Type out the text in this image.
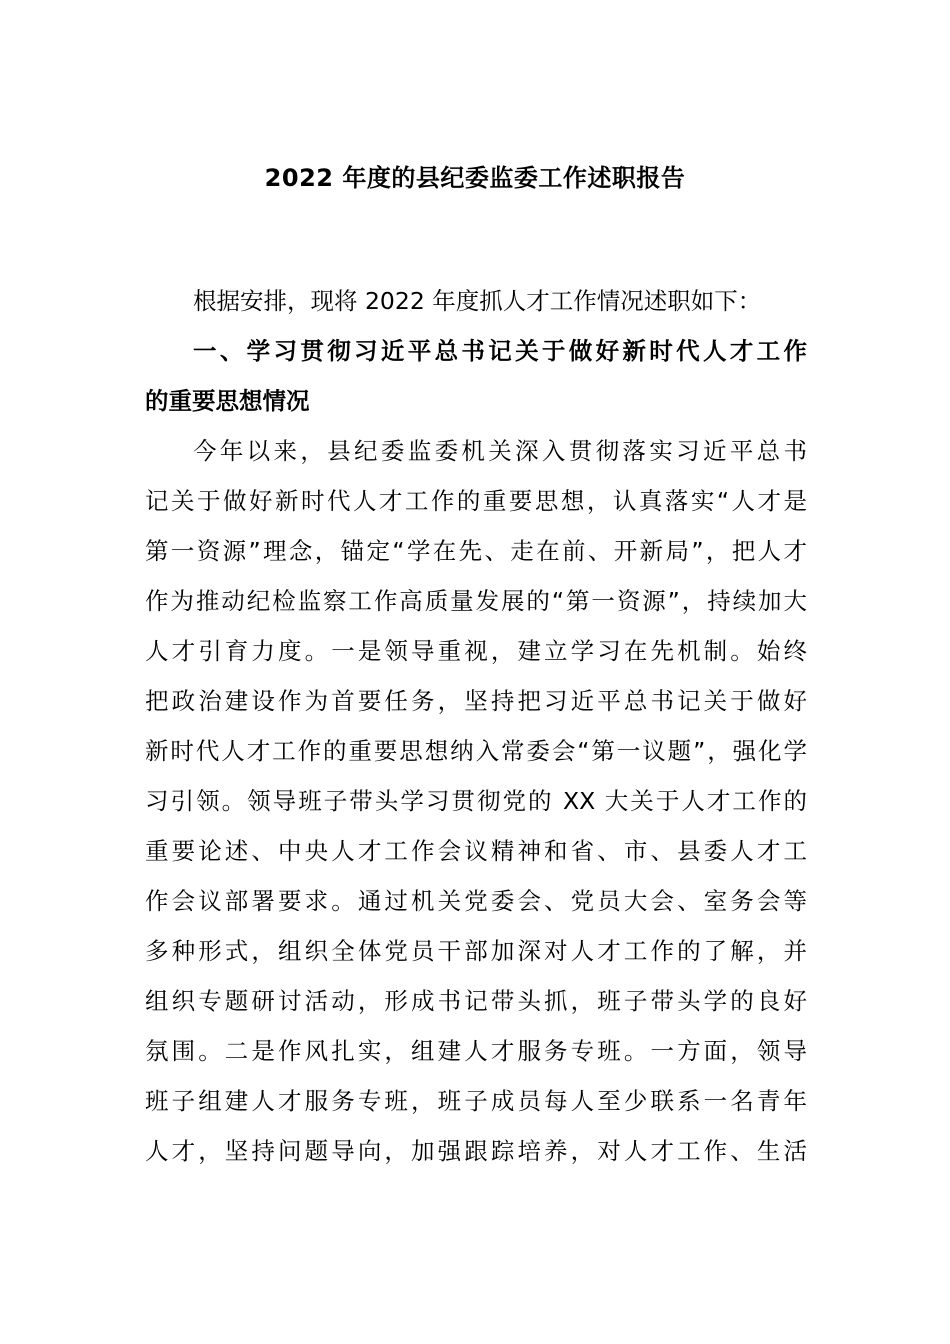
2022 年度的县纪委监委工作述职报告
根据安排，现将 2022 年度抓人才工作情况述职如下：
一、学习贯彻习近平总书记关于做好新时代人才工作
的重要思想情况
今年以来，县纪委监委机关深入贯彻落实习近平总书
记关于做好新时代人才工作的重要思想，认真落实“人才是
第一资源”理念，锚定“学在先、走在前、开新局”，把人才
作为推动纪检监察工作高质量发展的“第一资源”，持续加大
人才引育力度。一是领导重视，建立学习在先机制。始终
把政治建设作为首要任务，坚持把习近平总书记关于做好
新时代人才工作的重要思想纳入常委会“第一议题”，强化学
习引领。领导班子带头学习贯彻党的 XX 大关于人才工作的
重要论述、中央人才工作会议精神和省、市、县委人才工
作会议部署要求。通过机关党委会、党员大会、室务会等
多种形式，组织全体党员干部加深对人才工作的了解，并
组织专题研讨活动，形成书记带头抓，班子带头学的良好
氛围。二是作风扎实，组建人才服务专班。一方面，领导
班子组建人才服务专班，班子成员每人至少联系一名青年
人才，坚持问题导向，加强跟踪培养，对人才工作、生活
